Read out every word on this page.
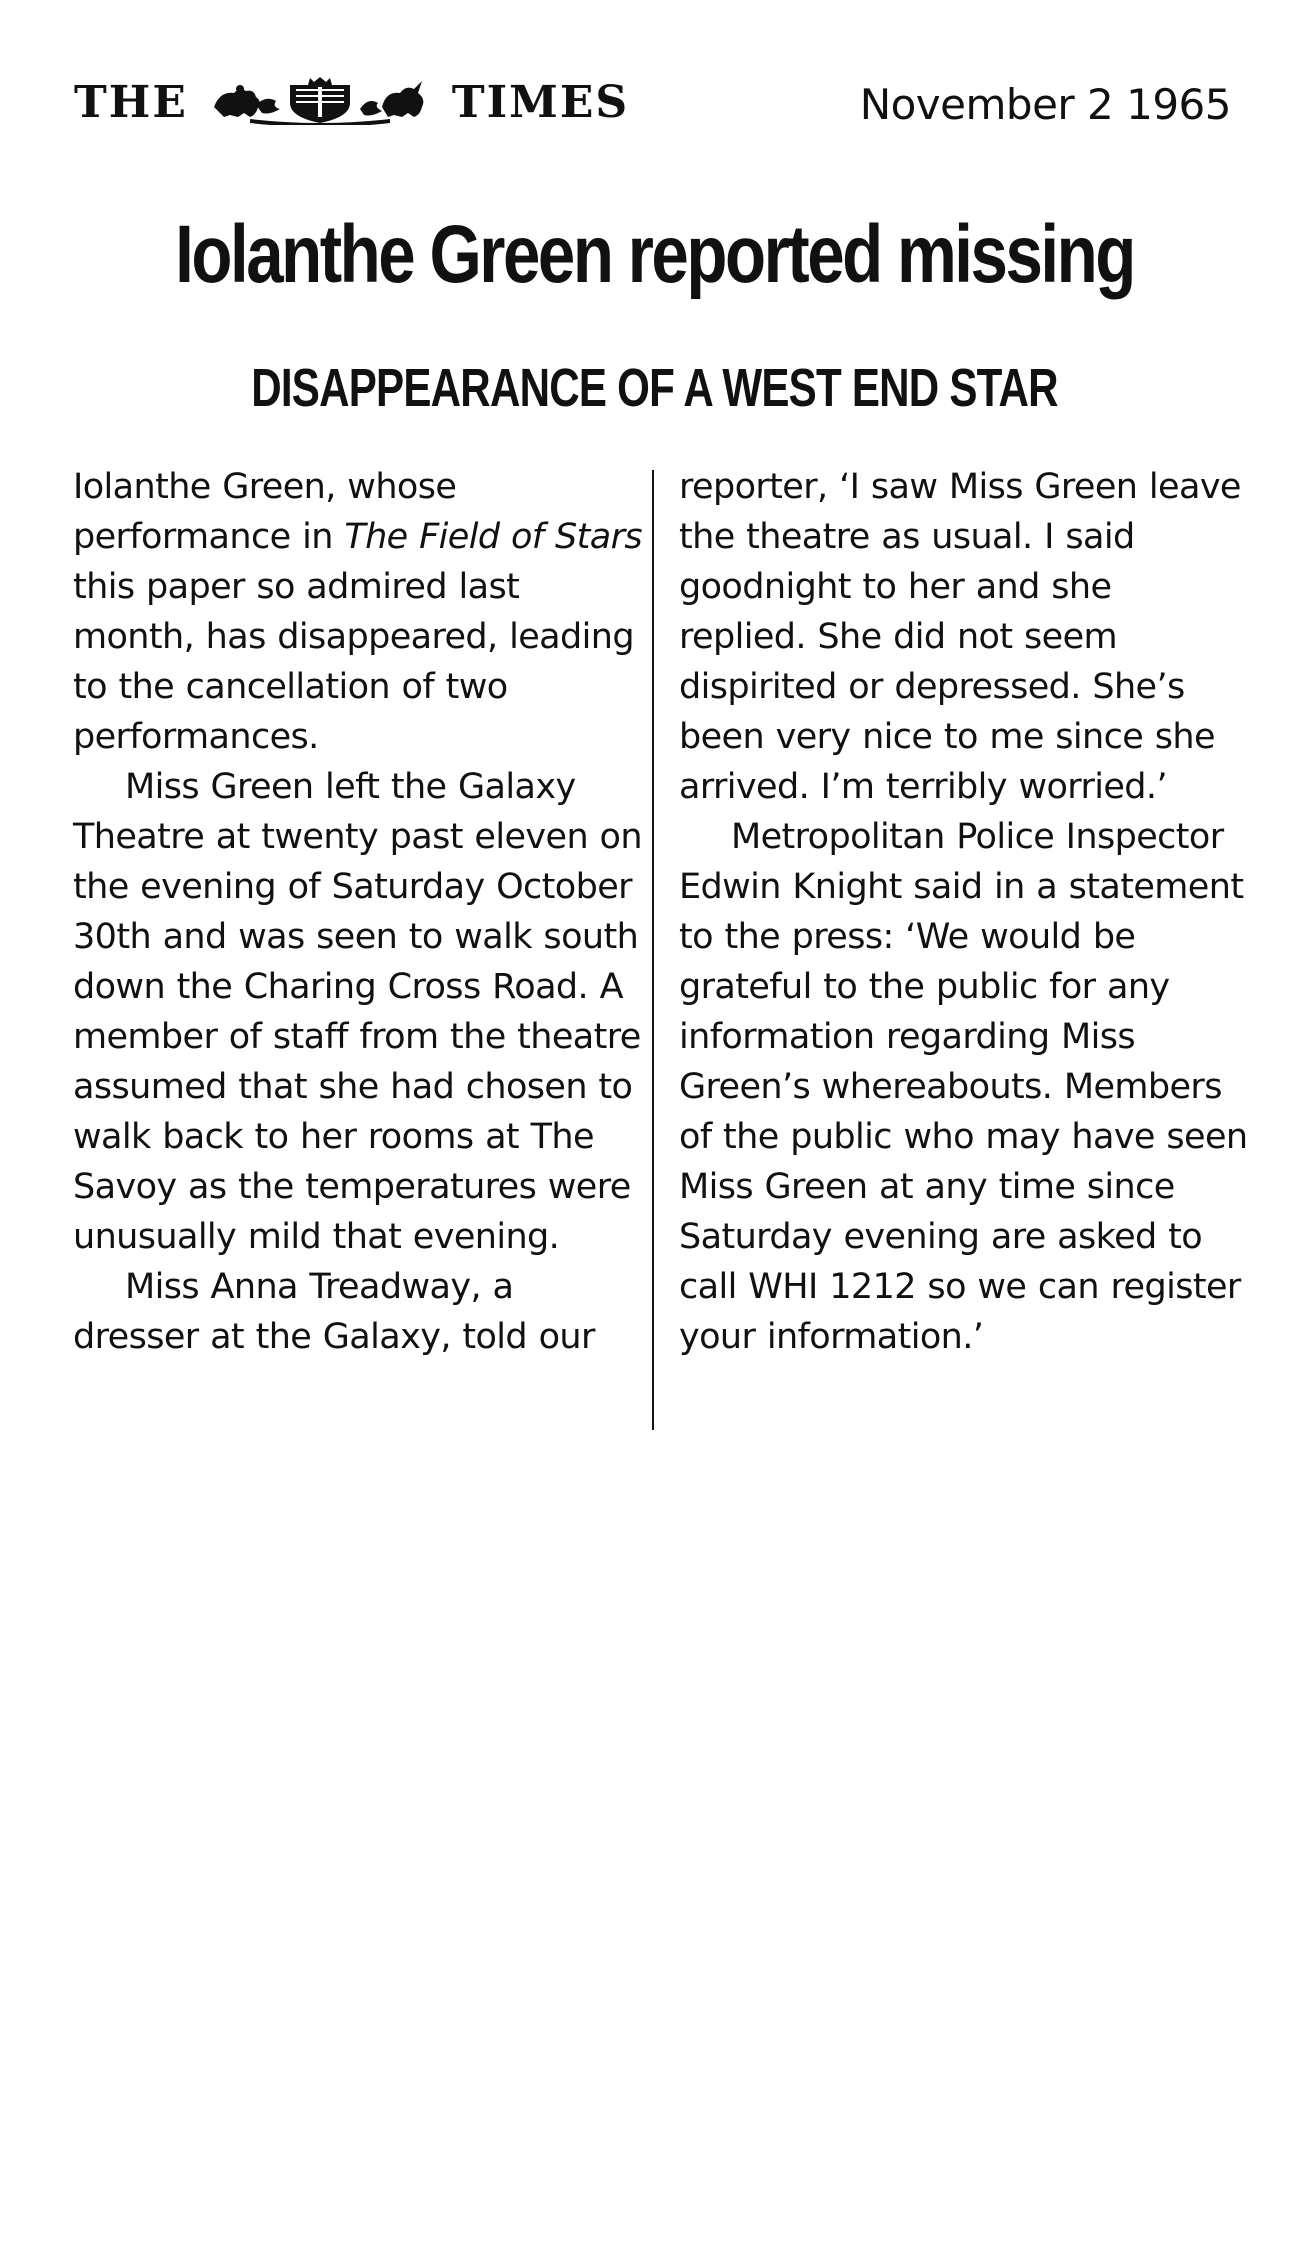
THE	TIMES	November 2 1965
Iolanthe Green reported missing
DISAPPEARANCE OF A WEST END STAR

Iolanthe Green, whose performance in The Field of Stars this paper so admired last month, has disappeared, leading to the cancellation of two performances.

Miss Green left the Galaxy Theatre at twenty past eleven on the evening of Saturday October 30th and was seen to walk south down the Charing Cross Road. A member of staff from the theatre assumed that she had chosen to walk back to her rooms at The Savoy as the temperatures were unusually mild that evening.

Miss Anna Treadway, a dresser at the Galaxy, told our

reporter, ‘I saw Miss Green leave the theatre as usual. I said goodnight to her and she replied. She did not seem dispirited or depressed. She’s been very nice to me since she arrived. I’m terribly worried.’

Metropolitan Police Inspector Edwin Knight said in a statement to the press: ‘We would be grateful to the public for any information regarding Miss Green’s whereabouts. Members of the public who may have seen Miss Green at any time since Saturday evening are asked to call WHI 1212 so we can register your information.’
